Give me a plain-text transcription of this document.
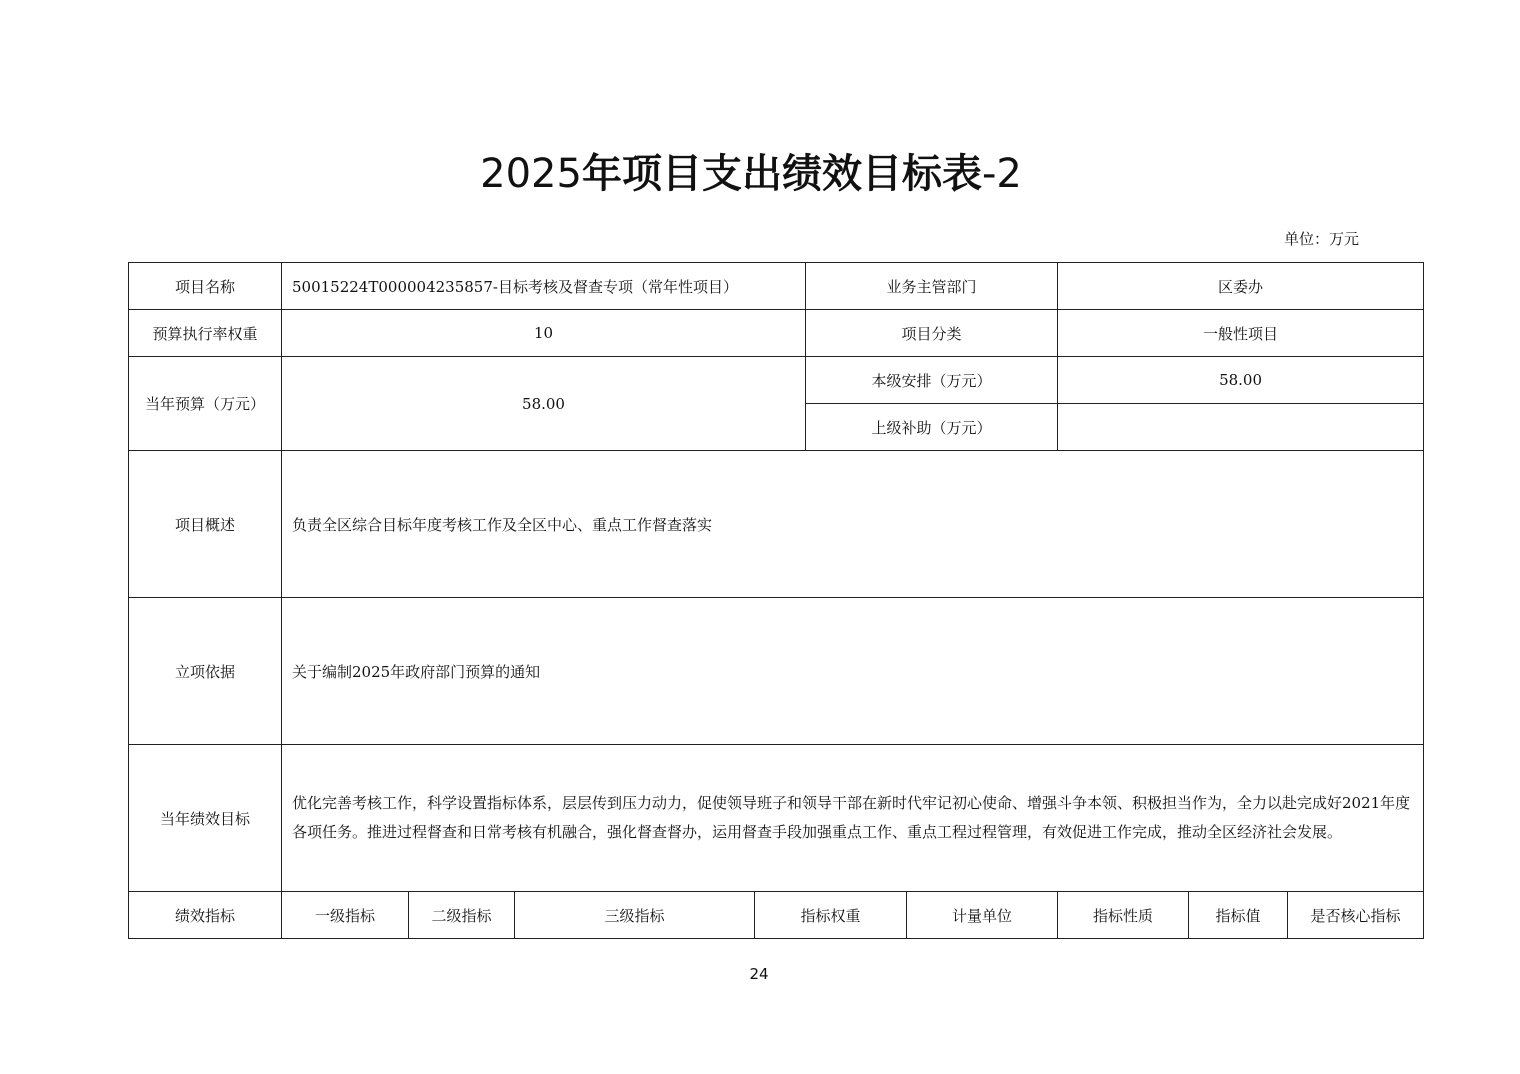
2025年项目支出绩效目标表-2
单位：万元
项目名称	50015224T000004235857-目标考核及督查专项（常年性项目）				业务主管部门		区委办		
预算执行率权重	10				项目分类		一般性项目		
当年预算（万元）	58.00				本级安排（万元）		58.00		
					上级补助（万元）				
项目概述	负责全区综合目标年度考核工作及全区中心、重点工作督查落实								
立项依据	关于编制2025年政府部门预算的通知								
当年绩效目标	优化完善考核工作，科学设置指标体系，层层传到压力动力，促使领导班子和领导干部在新时代牢记初心使命、增强斗争本领、积极担当作为，全力以赴完成好2021年度各项任务。推进过程督查和日常考核有机融合，强化督查督办，运用督查手段加强重点工作、重点工程过程管理，有效促进工作完成，推动全区经济社会发展。								
绩效指标	一级指标	二级指标	三级指标	指标权重		计量单位	指标性质	指标值	是否核心指标
24
